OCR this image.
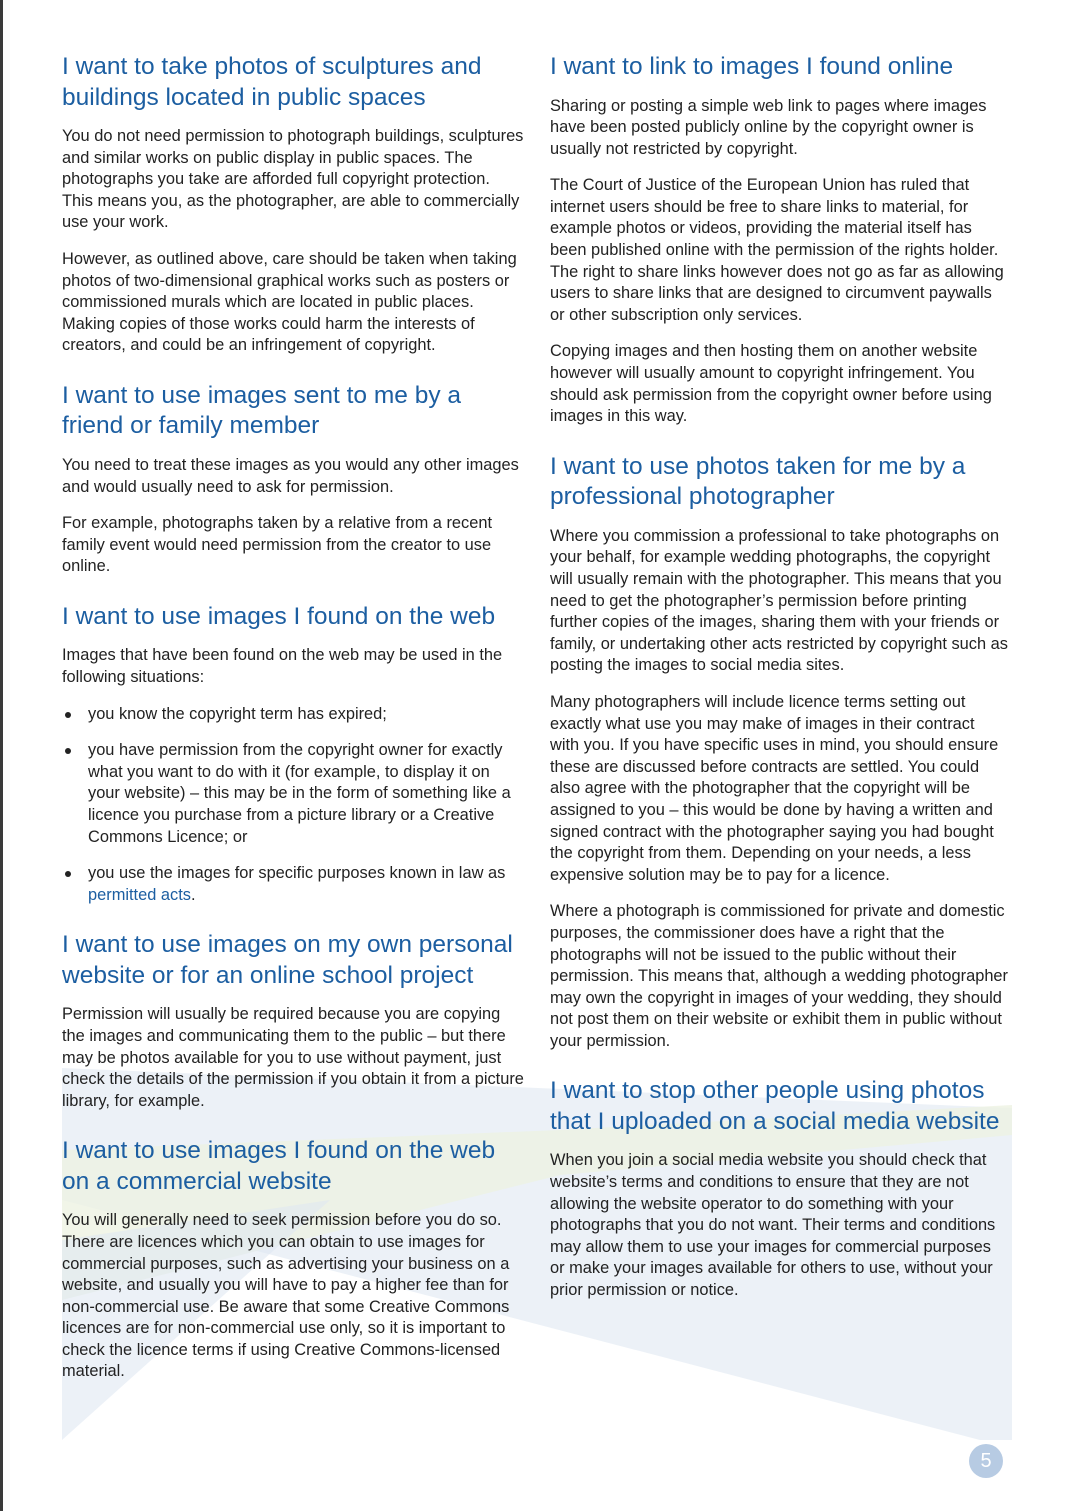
I want to take photos of sculptures and buildings located in public spaces

You do not need permission to photograph buildings, sculptures and similar works on public display in public spaces. The photographs you take are afforded full copyright protection. This means you, as the photographer, are able to commercially use your work.

However, as outlined above, care should be taken when taking photos of two-dimensional graphical works such as posters or commissioned murals which are located in public places. Making copies of those works could harm the interests of creators, and could be an infringement of copyright.

I want to use images sent to me by a friend or family member

You need to treat these images as you would any other images and would usually need to ask for permission.

For example, photographs taken by a relative from a recent family event would need permission from the creator to use online.

I want to use images I found on the web

Images that have been found on the web may be used in the following situations:

you know the copyright term has expired;
you have permission from the copyright owner for exactly what you want to do with it (for example, to display it on your website) – this may be in the form of something like a licence you purchase from a picture library or a Creative Commons Licence; or
you use the images for specific purposes known in law as permitted acts.
I want to use images on my own personal website or for an online school project

Permission will usually be required because you are copying the images and communicating them to the public – but there may be photos available for you to use without payment, just check the details of the permission if you obtain it from a picture library, for example.

I want to use images I found on the web on a commercial website

You will generally need to seek permission before you do so. There are licences which you can obtain to use images for commercial purposes, such as advertising your business on a website, and usually you will have to pay a higher fee than for non-commercial use. Be aware that some Creative Commons licences are for non-commercial use only, so it is important to check the licence terms if using Creative Commons-licensed material.

I want to link to images I found online

Sharing or posting a simple web link to pages where images have been posted publicly online by the copyright owner is usually not restricted by copyright.

The Court of Justice of the European Union has ruled that internet users should be free to share links to material, for example photos or videos, providing the material itself has been published online with the permission of the rights holder. The right to share links however does not go as far as allowing users to share links that are designed to circumvent paywalls or other subscription only services.

Copying images and then hosting them on another website however will usually amount to copyright infringement. You should ask permission from the copyright owner before using images in this way.

I want to use photos taken for me by a professional photographer

Where you commission a professional to take photographs on your behalf, for example wedding photographs, the copyright will usually remain with the photographer. This means that you need to get the photographer’s permission before printing further copies of the images, sharing them with your friends or family, or undertaking other acts restricted by copyright such as posting the images to social media sites.

Many photographers will include licence terms setting out exactly what use you may make of images in their contract with you. If you have specific uses in mind, you should ensure these are discussed before contracts are settled. You could also agree with the photographer that the copyright will be assigned to you – this would be done by having a written and signed contract with the photographer saying you had bought the copyright from them. Depending on your needs, a less expensive solution may be to pay for a licence.

Where a photograph is commissioned for private and domestic purposes, the commissioner does have a right that the photographs will not be issued to the public without their permission. This means that, although a wedding photographer may own the copyright in images of your wedding, they should not post them on their website or exhibit them in public without your permission.

I want to stop other people using photos that I uploaded on a social media website

When you join a social media website you should check that website’s terms and conditions to ensure that they are not allowing the website operator to do something with your photographs that you do not want. Their terms and conditions may allow them to use your images for commercial purposes or make your images available for others to use, without your prior permission or notice.

5
